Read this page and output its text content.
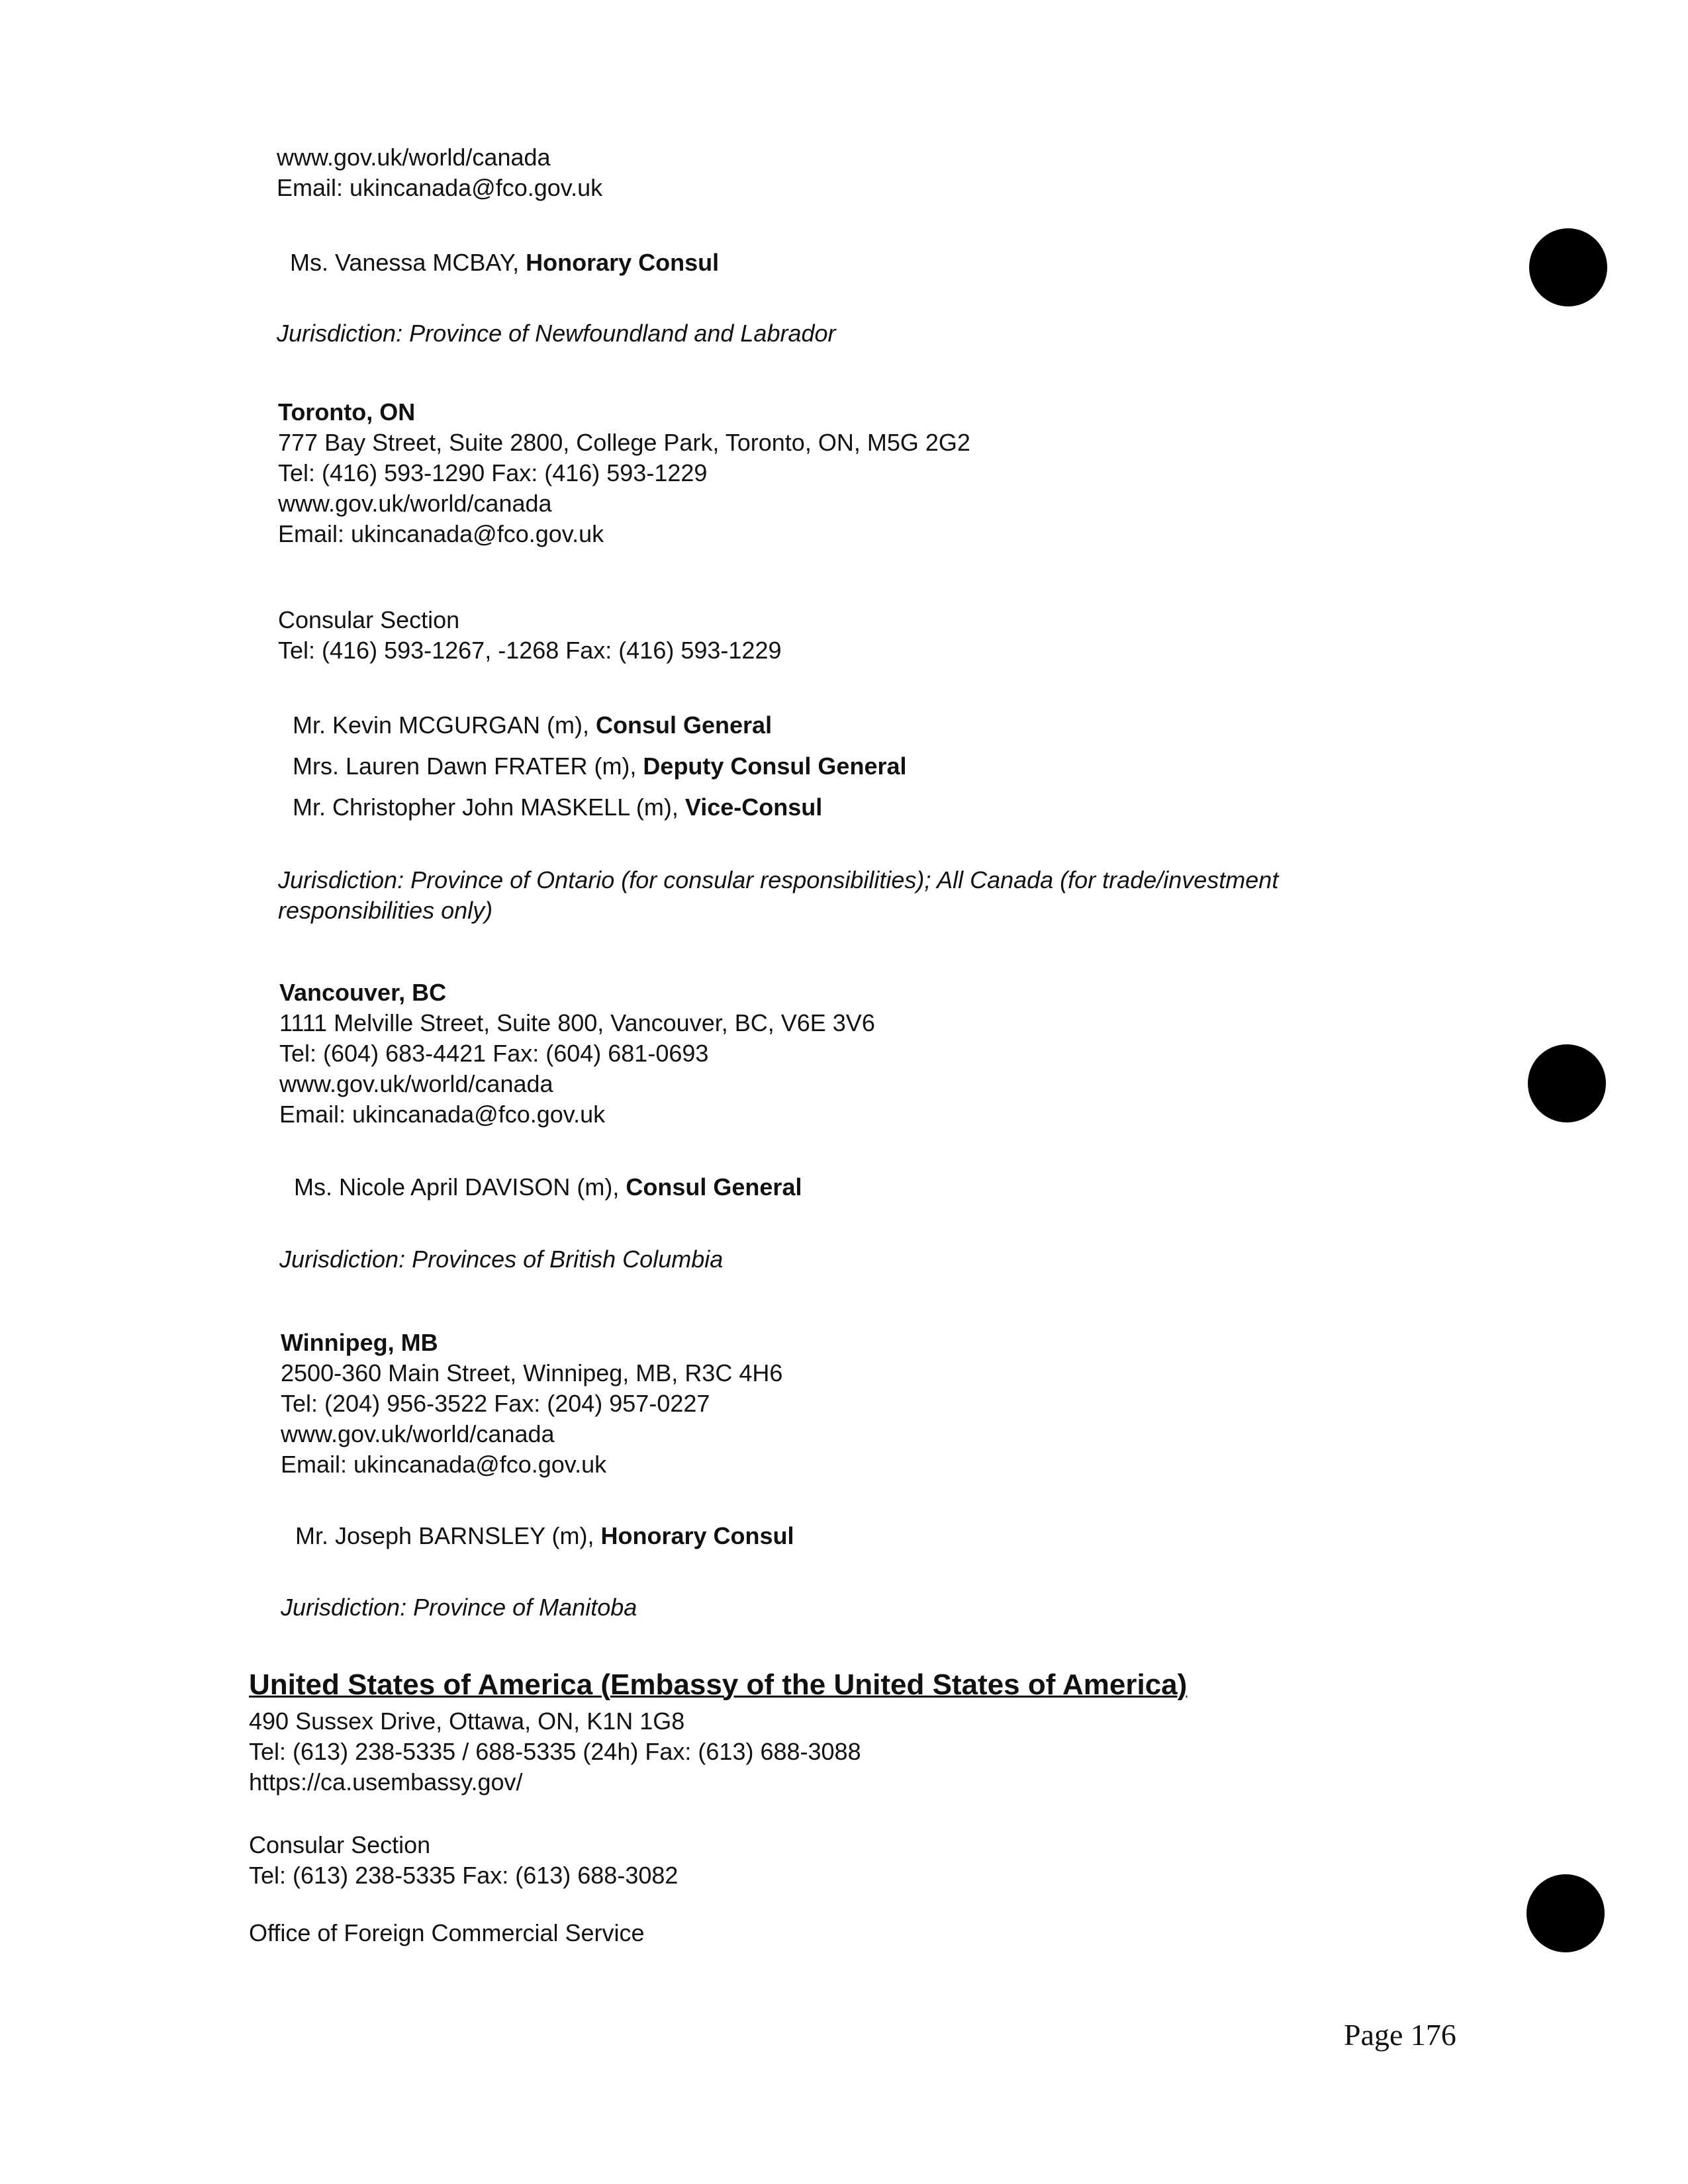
www.gov.uk/world/canada
Email: ukincanada@fco.gov.uk
Ms. Vanessa MCBAY, Honorary Consul
Jurisdiction: Province of Newfoundland and Labrador
Toronto, ON
777 Bay Street, Suite 2800, College Park, Toronto, ON, M5G 2G2
Tel: (416) 593-1290 Fax: (416) 593-1229
www.gov.uk/world/canada
Email: ukincanada@fco.gov.uk
Consular Section
Tel: (416) 593-1267, -1268 Fax: (416) 593-1229
Mr. Kevin MCGURGAN (m), Consul General
Mrs. Lauren Dawn FRATER (m), Deputy Consul General
Mr. Christopher John MASKELL (m), Vice-Consul
Jurisdiction: Province of Ontario (for consular responsibilities); All Canada (for trade/investment
responsibilities only)
Vancouver, BC
1111 Melville Street, Suite 800, Vancouver, BC, V6E 3V6
Tel: (604) 683-4421 Fax: (604) 681-0693
www.gov.uk/world/canada
Email: ukincanada@fco.gov.uk
Ms. Nicole April DAVISON (m), Consul General
Jurisdiction: Provinces of British Columbia
Winnipeg, MB
2500-360 Main Street, Winnipeg, MB, R3C 4H6
Tel: (204) 956-3522 Fax: (204) 957-0227
www.gov.uk/world/canada
Email: ukincanada@fco.gov.uk
Mr. Joseph BARNSLEY (m), Honorary Consul
Jurisdiction: Province of Manitoba
United States of America (Embassy of the United States of America)
490 Sussex Drive, Ottawa, ON, K1N 1G8
Tel: (613) 238-5335 / 688-5335 (24h) Fax: (613) 688-3088
https://ca.usembassy.gov/
Consular Section
Tel: (613) 238-5335 Fax: (613) 688-3082
Office of Foreign Commercial Service
Page 176
